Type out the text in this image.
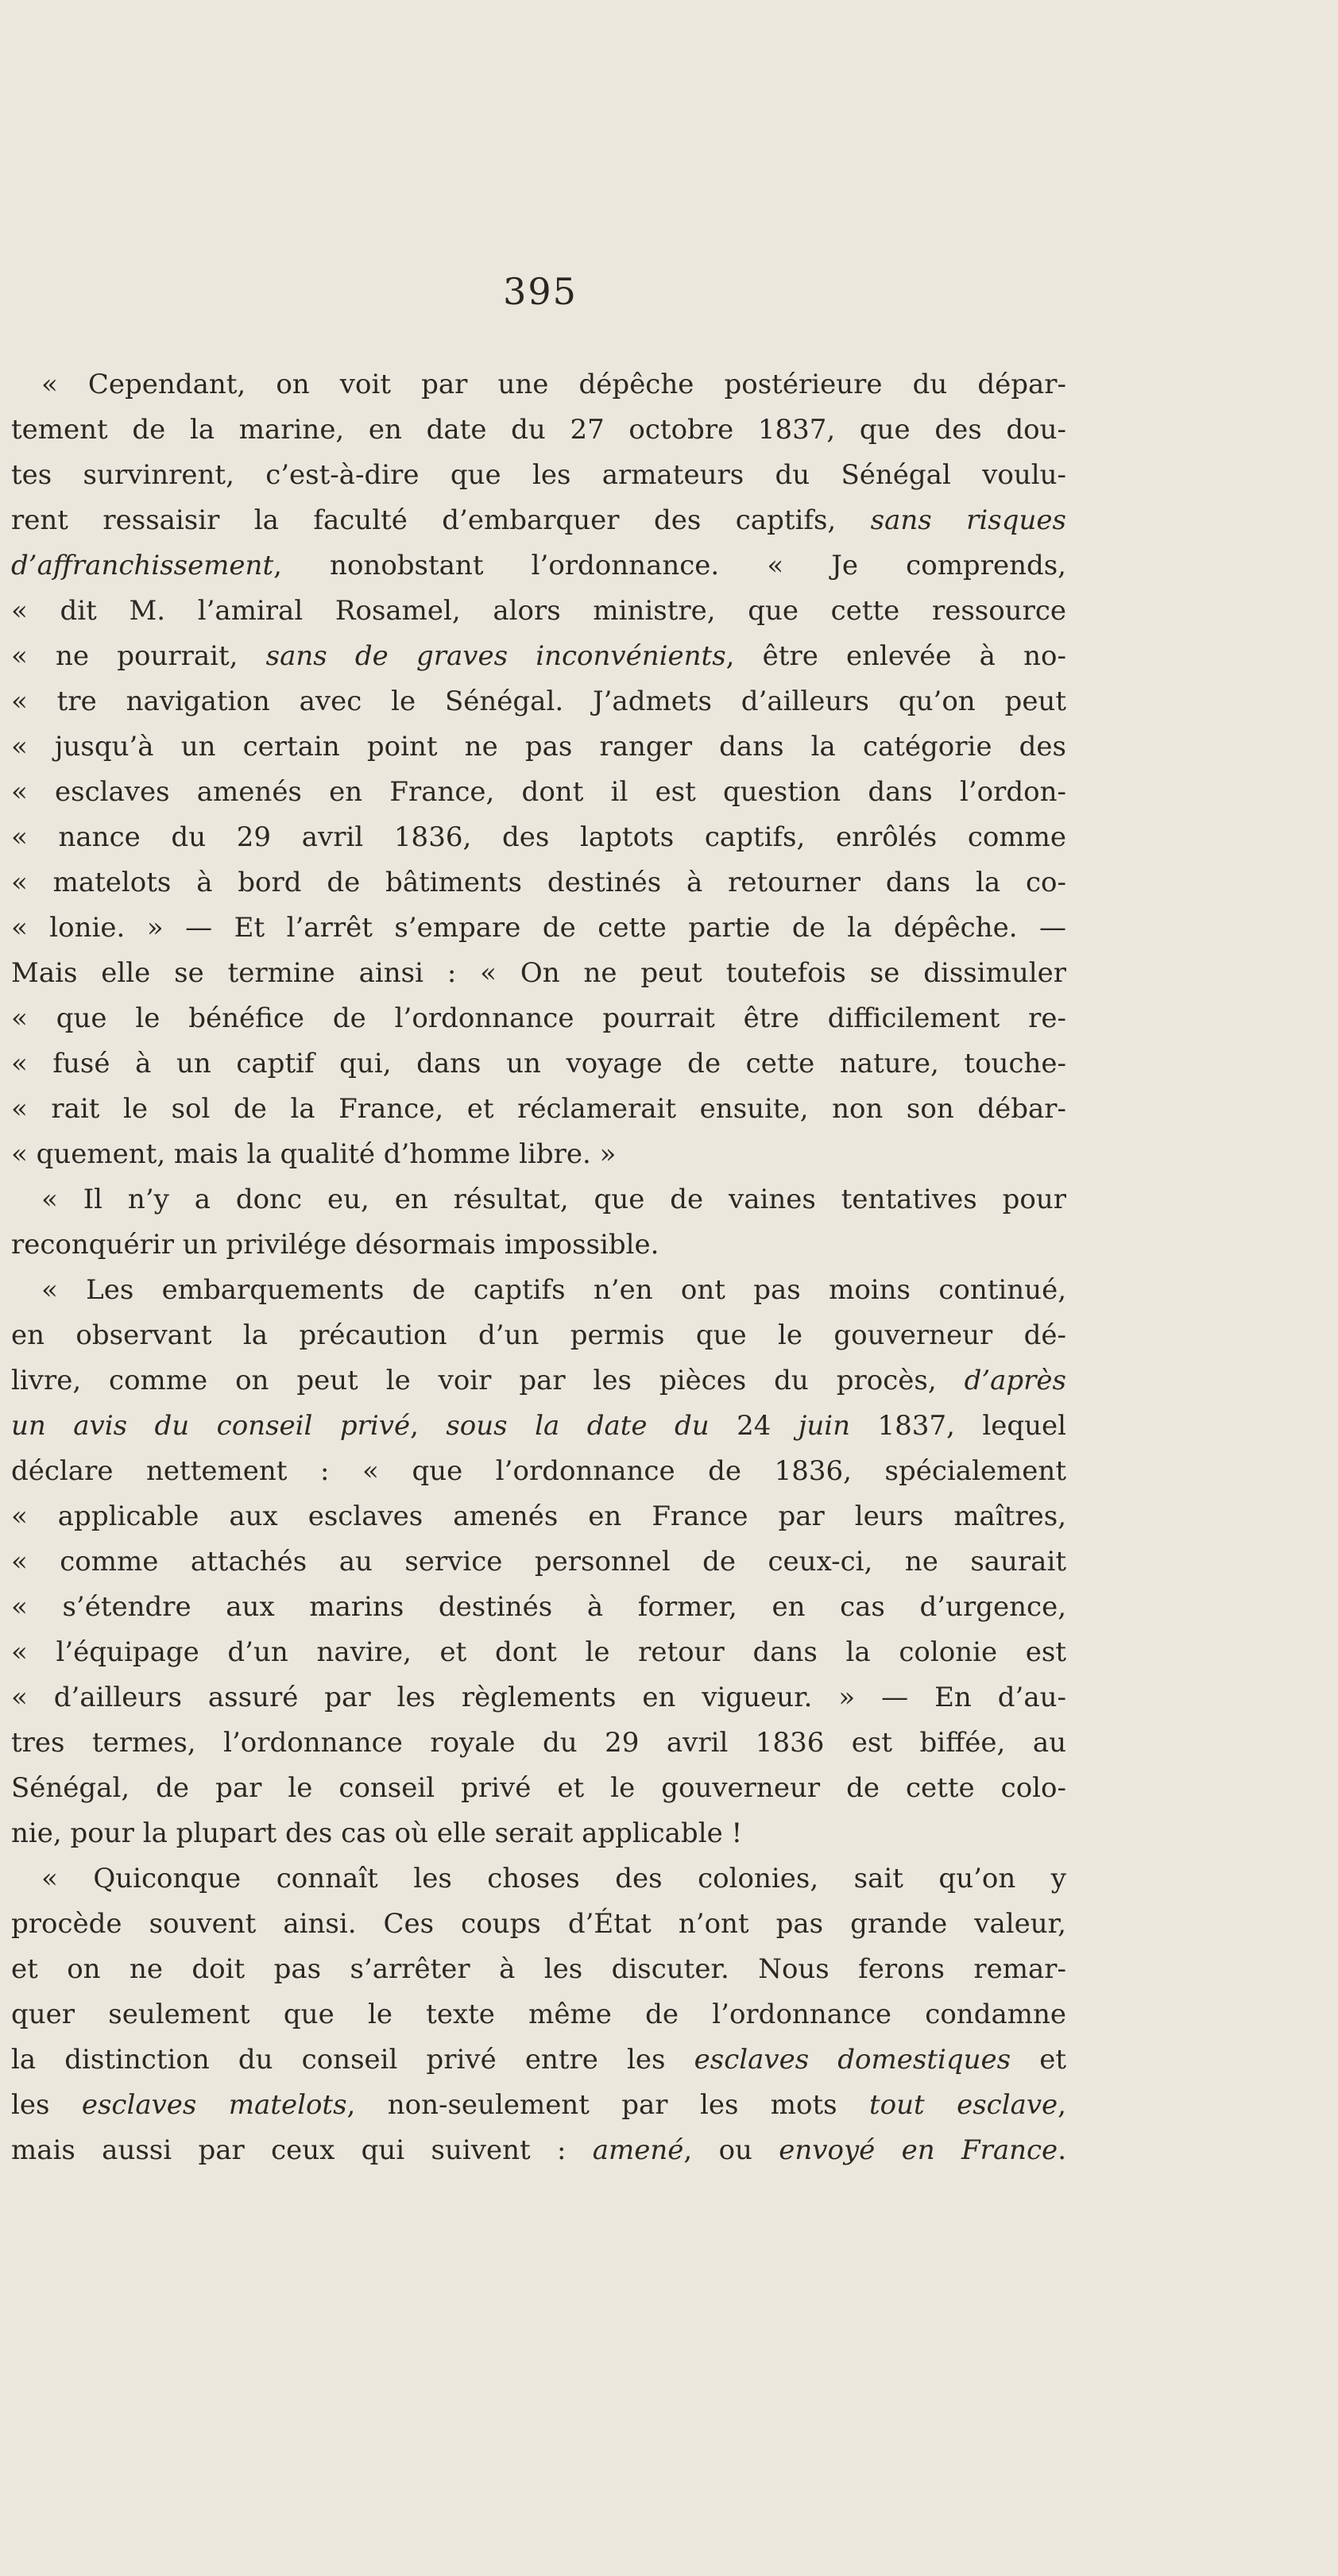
395
« Cependant, on voit par une dépêche postérieure du dépar-
tement de la marine, en date du 27 octobre 1837, que des dou-
tes survinrent, c’est-à-dire que les armateurs du Sénégal voulu-
rent ressaisir la faculté d’embarquer des captifs, sans risques
d’affranchissement, nonobstant l’ordonnance. « Je comprends,
« dit M. l’amiral Rosamel, alors ministre, que cette ressource
« ne pourrait, sans de graves inconvénients, être enlevée à no-
« tre navigation avec le Sénégal. J’admets d’ailleurs qu’on peut
« jusqu’à un certain point ne pas ranger dans la catégorie des
« esclaves amenés en France, dont il est question dans l’ordon-
« nance du 29 avril 1836, des laptots captifs, enrôlés comme
« matelots à bord de bâtiments destinés à retourner dans la co-
« lonie. » — Et l’arrêt s’empare de cette partie de la dépêche. —
Mais elle se termine ainsi : « On ne peut toutefois se dissimuler
« que le bénéfice de l’ordonnance pourrait être difficilement re-
« fusé à un captif qui, dans un voyage de cette nature, touche-
« rait le sol de la France, et réclamerait ensuite, non son débar-
« quement, mais la qualité d’homme libre. »
« Il n’y a donc eu, en résultat, que de vaines tentatives pour
reconquérir un privilége désormais impossible.
« Les embarquements de captifs n’en ont pas moins continué,
en observant la précaution d’un permis que le gouverneur dé-
livre, comme on peut le voir par les pièces du procès, d’après
un avis du conseil privé, sous la date du 24 juin 1837, lequel
déclare nettement : « que l’ordonnance de 1836, spécialement
« applicable aux esclaves amenés en France par leurs maîtres,
« comme attachés au service personnel de ceux-ci, ne saurait
« s’étendre aux marins destinés à former, en cas d’urgence,
« l’équipage d’un navire, et dont le retour dans la colonie est
« d’ailleurs assuré par les règlements en vigueur. » — En d’au-
tres termes, l’ordonnance royale du 29 avril 1836 est biffée, au
Sénégal, de par le conseil privé et le gouverneur de cette colo-
nie, pour la plupart des cas où elle serait applicable !
« Quiconque connaît les choses des colonies, sait qu’on y
procède souvent ainsi. Ces coups d’État n’ont pas grande valeur,
et on ne doit pas s’arrêter à les discuter. Nous ferons remar-
quer seulement que le texte même de l’ordonnance condamne
la distinction du conseil privé entre les esclaves domestiques et
les esclaves matelots, non-seulement par les mots tout esclave,
mais aussi par ceux qui suivent : amené, ou envoyé en France.
